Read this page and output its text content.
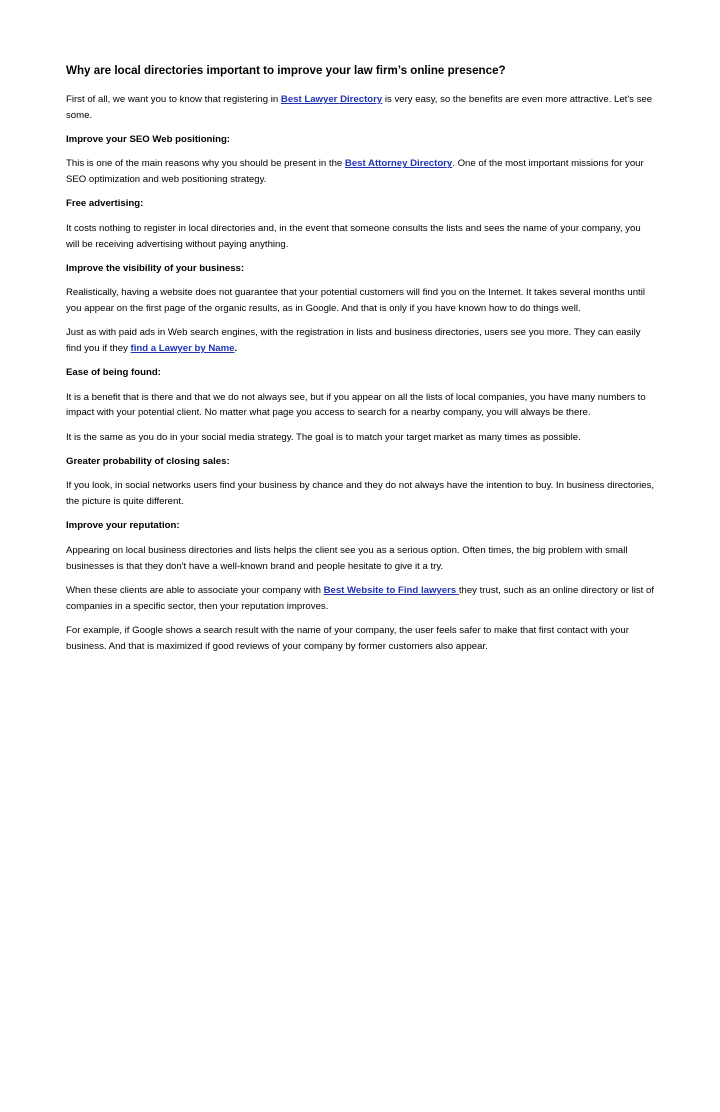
Why are local directories important to improve your law firm’s online presence?

First of all, we want you to know that registering in Best Lawyer Directory is very easy, so the benefits are even more attractive. Let's see some.

Improve your SEO Web positioning:

This is one of the main reasons why you should be present in the Best Attorney Directory. One of the most important missions for your SEO optimization and web positioning strategy.

Free advertising:

It costs nothing to register in local directories and, in the event that someone consults the lists and sees the name of your company, you will be receiving advertising without paying anything.

Improve the visibility of your business:

Realistically, having a website does not guarantee that your potential customers will find you on the Internet. It takes several months until you appear on the first page of the organic results, as in Google. And that is only if you have known how to do things well.

Just as with paid ads in Web search engines, with the registration in lists and business directories, users see you more. They can easily find you if they find a Lawyer by Name.

Ease of being found:

It is a benefit that is there and that we do not always see, but if you appear on all the lists of local companies, you have many numbers to impact with your potential client. No matter what page you access to search for a nearby company, you will always be there.

It is the same as you do in your social media strategy. The goal is to match your target market as many times as possible.

Greater probability of closing sales:

If you look, in social networks users find your business by chance and they do not always have the intention to buy. In business directories, the picture is quite different.

Improve your reputation:

Appearing on local business directories and lists helps the client see you as a serious option. Often times, the big problem with small businesses is that they don't have a well-known brand and people hesitate to give it a try.

When these clients are able to associate your company with Best Website to Find lawyers they trust, such as an online directory or list of companies in a specific sector, then your reputation improves.

For example, if Google shows a search result with the name of your company, the user feels safer to make that first contact with your business. And that is maximized if good reviews of your company by former customers also appear.
